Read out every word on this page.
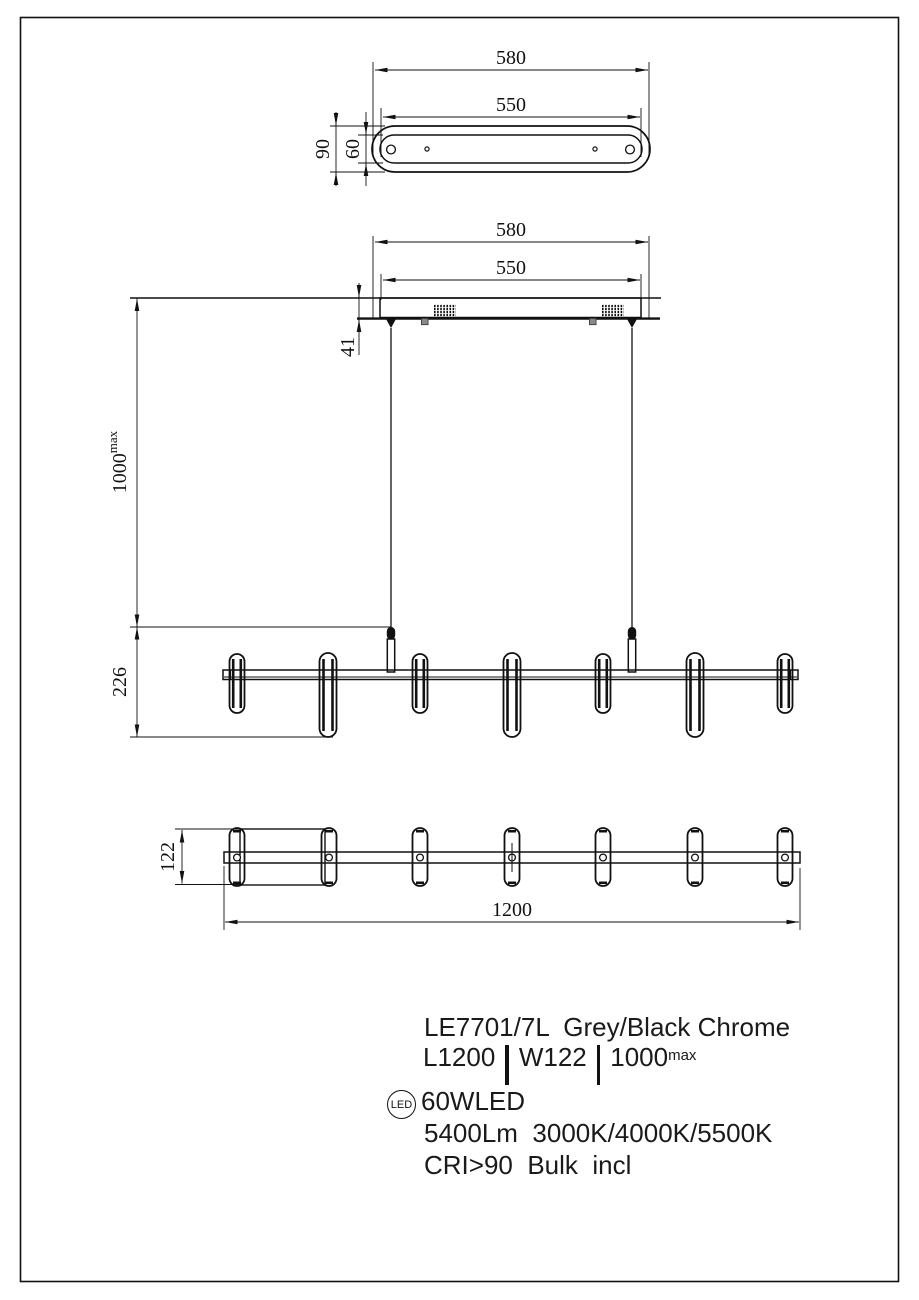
580
550
90 60
580
550
41
$1000^{max}$
226
122
1200
LE7701/7L  Grey/Black Chrome
L1200 W122 $1000^{max}$
LED 60WLED
5400Lm  3000K/4000K/5500K
CRI>90  Bulk  incl
